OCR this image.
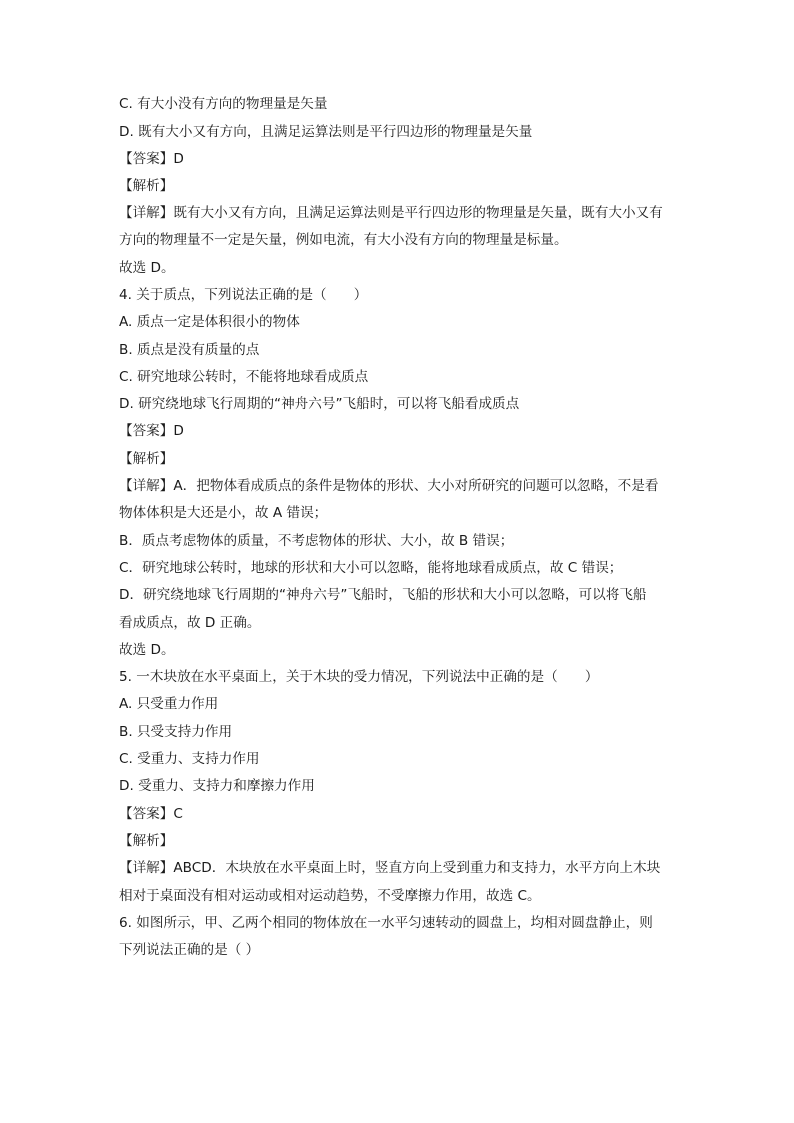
C. 有大小没有方向的物理量是矢量
D. 既有大小又有方向，且满足运算法则是平行四边形的物理量是矢量
【答案】D
【解析】
【详解】既有大小又有方向，且满足运算法则是平行四边形的物理量是矢量，既有大小又有
方向的物理量不一定是矢量，例如电流，有大小没有方向的物理量是标量。
故选 D。
4. 关于质点，下列说法正确的是（　　）
A. 质点一定是体积很小的物体
B. 质点是没有质量的点
C. 研究地球公转时，不能将地球看成质点
D. 研究绕地球飞行周期的“神舟六号”飞船时，可以将飞船看成质点
【答案】D
【解析】
【详解】A．把物体看成质点的条件是物体的形状、大小对所研究的问题可以忽略，不是看
物体体积是大还是小，故 A 错误；
B．质点考虑物体的质量，不考虑物体的形状、大小，故 B 错误；
C．研究地球公转时，地球的形状和大小可以忽略，能将地球看成质点，故 C 错误；
D．研究绕地球飞行周期的“神舟六号”飞船时，飞船的形状和大小可以忽略，可以将飞船
看成质点，故 D 正确。
故选 D。
5. 一木块放在水平桌面上，关于木块的受力情况，下列说法中正确的是（　　）
A. 只受重力作用
B. 只受支持力作用
C. 受重力、支持力作用
D. 受重力、支持力和摩擦力作用
【答案】C
【解析】
【详解】ABCD．木块放在水平桌面上时，竖直方向上受到重力和支持力，水平方向上木块
相对于桌面没有相对运动或相对运动趋势，不受摩擦力作用，故选 C。
6. 如图所示，甲、乙两个相同的物体放在一水平匀速转动的圆盘上，均相对圆盘静止，则
下列说法正确的是（ ）
